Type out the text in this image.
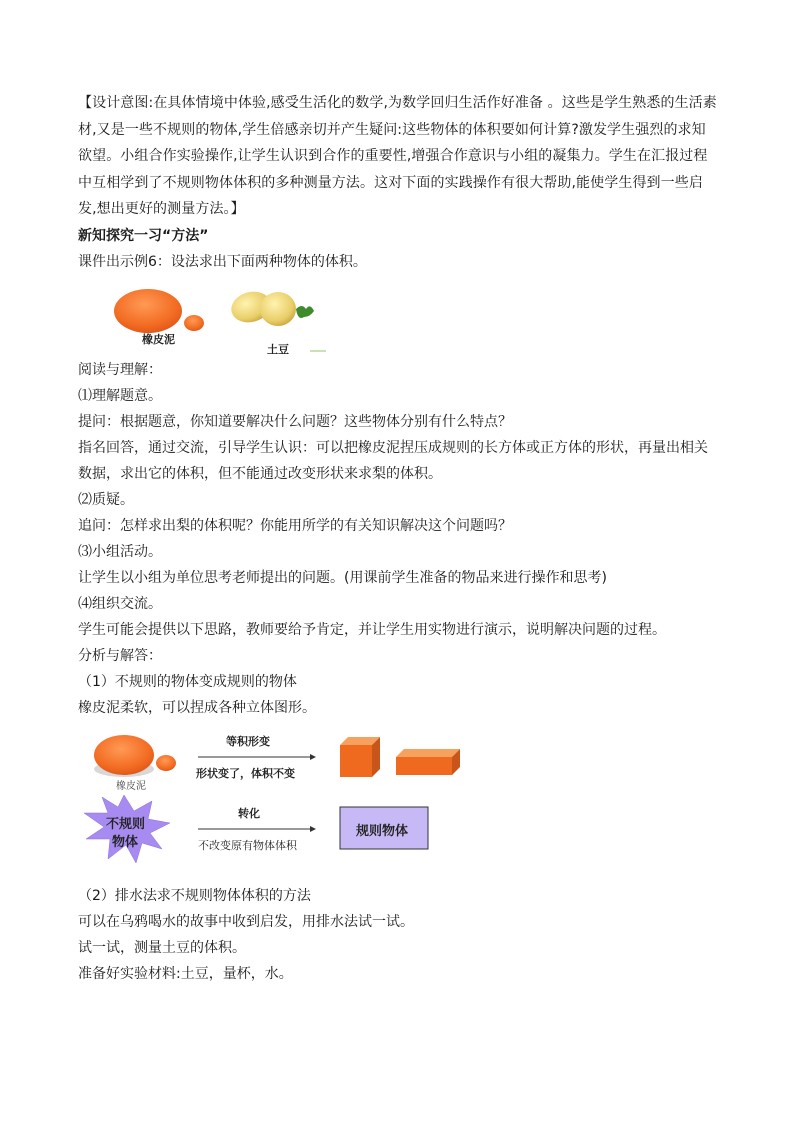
【设计意图:在具体情境中体验,感受生活化的数学,为数学回归生活作好准备 。这些是学生熟悉的生活素材,又是一些不规则的物体,学生倍感亲切并产生疑问:这些物体的体积要如何计算?激发学生强烈的求知欲望。小组合作实验操作,让学生认识到合作的重要性,增强合作意识与小组的凝集力。学生在汇报过程中互相学到了不规则物体体积的多种测量方法。这对下面的实践操作有很大帮助,能使学生得到一些启发,想出更好的测量方法。】

新知探究一习“方法”

课件出示例6：设法求出下面两种物体的体积。

橡皮泥
土豆

阅读与理解：

⑴理解题意。

提问：根据题意，你知道要解决什么问题？这些物体分别有什么特点？

指名回答，通过交流，引导学生认识：可以把橡皮泥捏压成规则的长方体或正方体的形状，再量出相关数据，求出它的体积，但不能通过改变形状来求梨的体积。

⑵质疑。

追问：怎样求出梨的体积呢？你能用所学的有关知识解决这个问题吗？

⑶小组活动。

让学生以小组为单位思考老师提出的问题。(用课前学生准备的物品来进行操作和思考)

⑷组织交流。

学生可能会提供以下思路，教师要给予肯定，并让学生用实物进行演示，说明解决问题的过程。

分析与解答：

（1）不规则的物体变成规则的物体

橡皮泥柔软，可以捏成各种立体图形。

橡皮泥
等积形变
形状变了，体积不变
不规则
物体
转化
不改变原有物体体积
规则物体

（2）排水法求不规则物体体积的方法

可以在乌鸦喝水的故事中收到启发，用排水法试一试。

试一试，测量土豆的体积。

准备好实验材料:土豆，量杯，水。
